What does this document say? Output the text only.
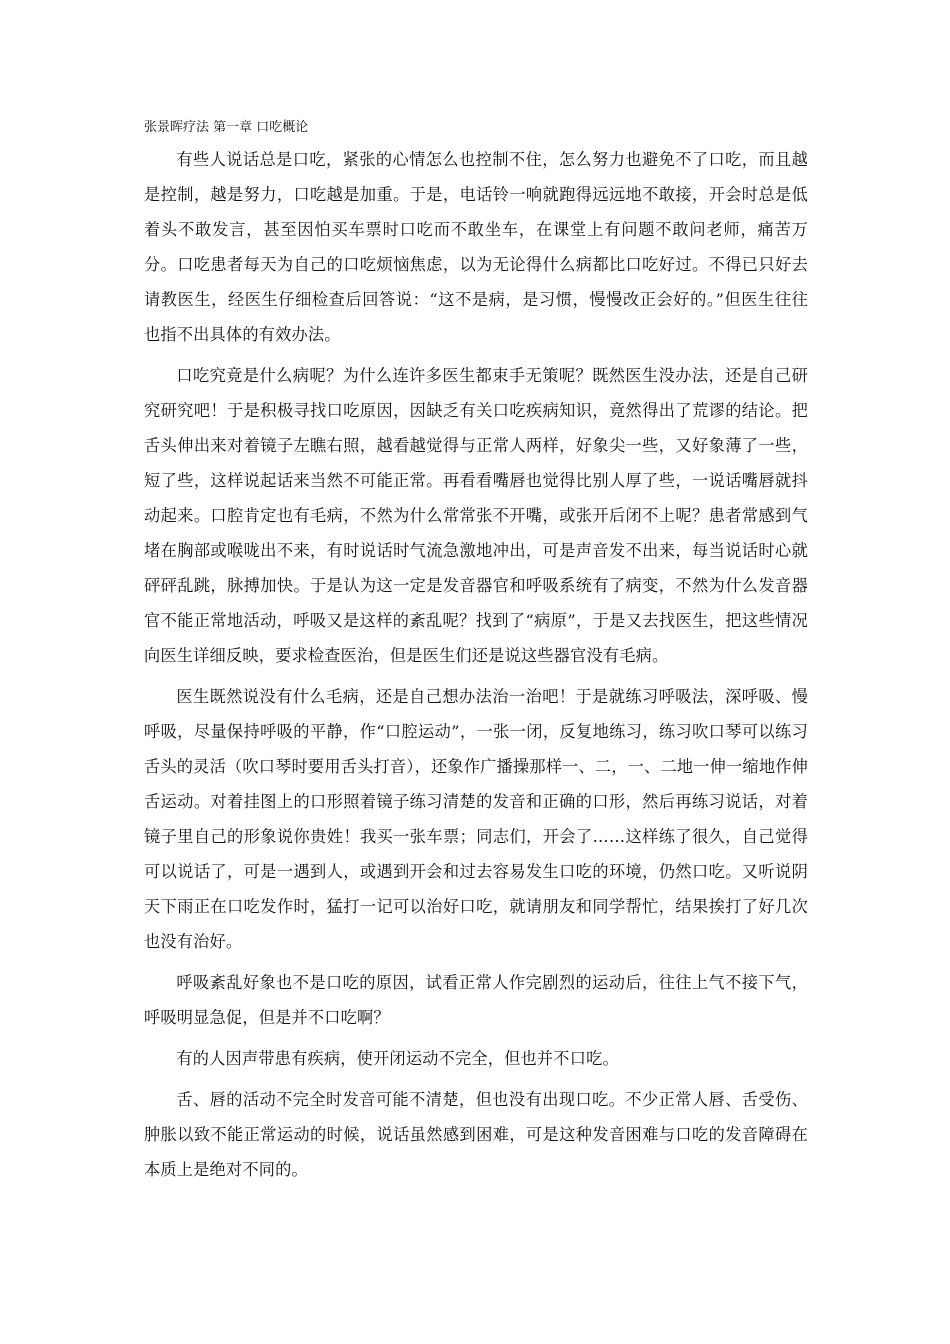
张景晖疗法 第一章 口吃概论

有些人说话总是口吃，紧张的心情怎么也控制不住，怎么努力也避免不了口吃，而且越是控制，越是努力，口吃越是加重。于是，电话铃一响就跑得远远地不敢接，开会时总是低着头不敢发言，甚至因怕买车票时口吃而不敢坐车，在课堂上有问题不敢问老师，痛苦万分。口吃患者每天为自己的口吃烦恼焦虑，以为无论得什么病都比口吃好过。不得已只好去请教医生，经医生仔细检查后回答说：“这不是病，是习惯，慢慢改正会好的。”但医生往往也指不出具体的有效办法。

口吃究竟是什么病呢？为什么连许多医生都束手无策呢？既然医生没办法，还是自己研究研究吧！于是积极寻找口吃原因，因缺乏有关口吃疾病知识，竟然得出了荒谬的结论。把舌头伸出来对着镜子左瞧右照，越看越觉得与正常人两样，好象尖一些，又好象薄了一些，短了些，这样说起话来当然不可能正常。再看看嘴唇也觉得比别人厚了些，一说话嘴唇就抖动起来。口腔肯定也有毛病，不然为什么常常张不开嘴，或张开后闭不上呢？患者常感到气堵在胸部或喉咙出不来，有时说话时气流急激地冲出，可是声音发不出来，每当说话时心就砰砰乱跳，脉搏加快。于是认为这一定是发音器官和呼吸系统有了病变，不然为什么发音器官不能正常地活动，呼吸又是这样的紊乱呢？找到了“病原”，于是又去找医生，把这些情况向医生详细反映，要求检查医治，但是医生们还是说这些器官没有毛病。

医生既然说没有什么毛病，还是自己想办法治一治吧！于是就练习呼吸法，深呼吸、慢呼吸，尽量保持呼吸的平静，作“口腔运动”，一张一闭，反复地练习，练习吹口琴可以练习舌头的灵活（吹口琴时要用舌头打音），还象作广播操那样一、二，一、二地一伸一缩地作伸舌运动。对着挂图上的口形照着镜子练习清楚的发音和正确的口形，然后再练习说话，对着镜子里自己的形象说你贵姓！我买一张车票；同志们，开会了……这样练了很久，自己觉得可以说话了，可是一遇到人，或遇到开会和过去容易发生口吃的环境，仍然口吃。又听说阴天下雨正在口吃发作时，猛打一记可以治好口吃，就请朋友和同学帮忙，结果挨打了好几次也没有治好。

呼吸紊乱好象也不是口吃的原因，试看正常人作完剧烈的运动后，往往上气不接下气，呼吸明显急促，但是并不口吃啊？

有的人因声带患有疾病，使开闭运动不完全，但也并不口吃。

舌、唇的活动不完全时发音可能不清楚，但也没有出现口吃。不少正常人唇、舌受伤、肿胀以致不能正常运动的时候，说话虽然感到困难，可是这种发音困难与口吃的发音障碍在本质上是绝对不同的。
